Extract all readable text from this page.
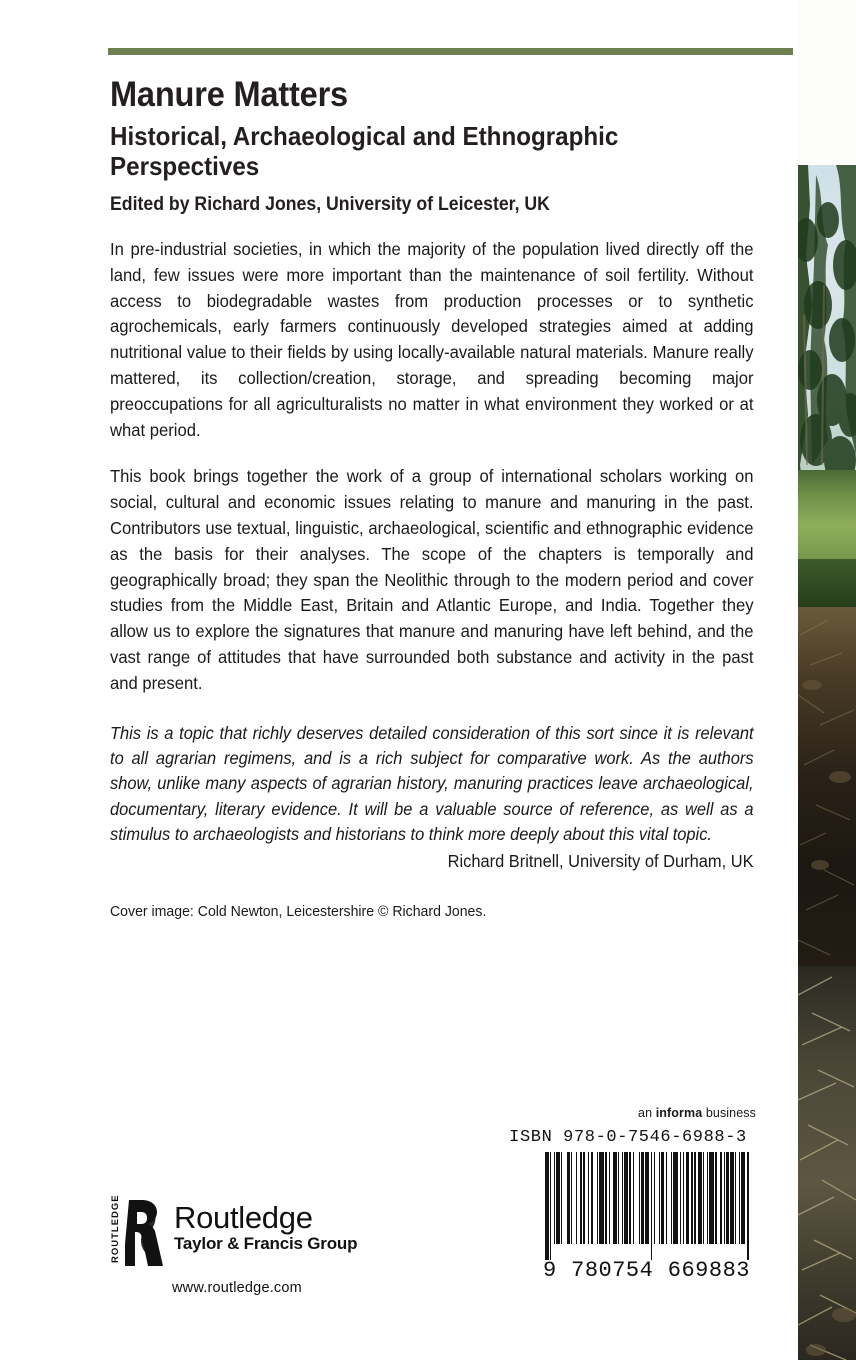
Manure Matters
Historical, Archaeological and Ethnographic Perspectives
Edited by Richard Jones, University of Leicester, UK

In pre-industrial societies, in which the majority of the population lived directly off the land, few issues were more important than the maintenance of soil fertility. Without access to biodegradable wastes from production processes or to synthetic agrochemicals, early farmers continuously developed strategies aimed at adding nutritional value to their fields by using locally-available natural materials. Manure really mattered, its collection/creation, storage, and spreading becoming major preoccupations for all agriculturalists no matter in what environment they worked or at what period.

This book brings together the work of a group of international scholars working on social, cultural and economic issues relating to manure and manuring in the past. Contributors use textual, linguistic, archaeological, scientific and ethnographic evidence as the basis for their analyses. The scope of the chapters is temporally and geographically broad; they span the Neolithic through to the modern period and cover studies from the Middle East, Britain and Atlantic Europe, and India. Together they allow us to explore the signatures that manure and manuring have left behind, and the vast range of attitudes that have surrounded both substance and activity in the past and present.

This is a topic that richly deserves detailed consideration of this sort since it is relevant to all agrarian regimens, and is a rich subject for comparative work. As the authors show, unlike many aspects of agrarian history, manuring practices leave archaeological, documentary, literary evidence. It will be a valuable source of reference, as well as a stimulus to archaeologists and historians to think more deeply about this vital topic.

Richard Britnell, University of Durham, UK

Cover image: Cold Newton, Leicestershire © Richard Jones.

an informa business
ISBN 978-0-7546-6988-3
9 780754 669883
ROUTLEDGE Routledge
Taylor & Francis Group
www.routledge.com
